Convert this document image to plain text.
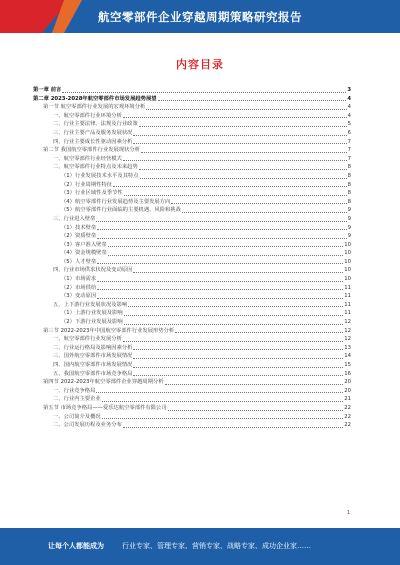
航空零部件企业穿越周期策略研究报告
内容目录
第一章 前言	3
第二章 2023-2028年航空零部件市场发展趋势展望	4
第一节 航空零部件行业发展的宏观环境分析	4
一、航空零部件行业环境分析	4
二、行业主要法律、法规及行业政策	5
三、行业主要产品及服务发展状况	6
四、行业主要成长性驱动因素分析	7
第二节 我国航空零部件行业发展现状分析	7
一、航空零部件行业经营模式	7
二、航空零部件行业特点及未来趋势	8
（1）行业发展技术水平及其特点	8
（2）行业周期性特征	8
（3）行业区域性及季节性	8
（4）航空零部件行业发展趋势及主要发展方向	8
（5）航空零部件行业面临的主要机遇、风险和挑战	9
三、行业进入壁垒	9
（1）技术壁垒	9
（2）资质壁垒	9
（3）客户准入壁垒	10
（4）资金规模壁垒	10
（5）人才壁垒	10
四、行业市场供求状况及变动原因	10
（1）市场需求	10
（2）市场供给	11
（3）变动原因	11
五、上下游行业发展状况及影响	11
（1）上游行业发展及影响	11
（2）下游行业发展及影响	12
第三节 2022-2023年中国航空零部件行业发展形势分析	12
一、航空零部件行业发展分析	12
二、行业运行格局及影响因素分析	13
三、国外航空零部件市场发展情况	14
四、国内航空零部件市场发展情况	15
五、我国航空零部件市场竞争格局	16
第四节 2022-2023年航空零部件企业穿越周期分析	20
一、行业竞争格局	20
二、行业内主要企业	21
第五节 市场竞争格局——爱乐达航空零部件有限公司	22
一、公司简介及概况	22
二、公司发展历程及业务分布	22
1
让每个人都能成为	行业专家、管理专家、营销专家、战略专家、成功企业家……
